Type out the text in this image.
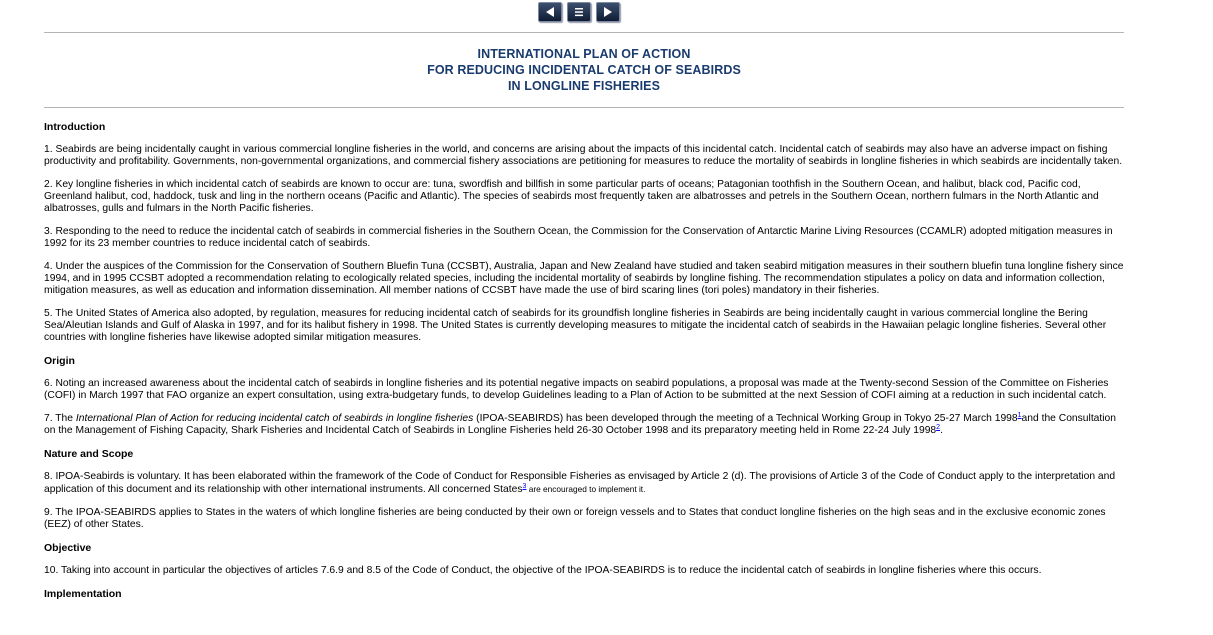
INTERNATIONAL PLAN OF ACTION
FOR REDUCING INCIDENTAL CATCH OF SEABIRDS
IN LONGLINE FISHERIES
Introduction

1. Seabirds are being incidentally caught in various commercial longline fisheries in the world, and concerns are arising about the impacts of this incidental catch. Incidental catch of seabirds may also have an adverse impact on fishing productivity and profitability. Governments, non-governmental organizations, and commercial fishery associations are petitioning for measures to reduce the mortality of seabirds in longline fisheries in which seabirds are incidentally taken.

2. Key longline fisheries in which incidental catch of seabirds are known to occur are: tuna, swordfish and billfish in some particular parts of oceans; Patagonian toothfish in the Southern Ocean, and halibut, black cod, Pacific cod, Greenland halibut, cod, haddock, tusk and ling in the northern oceans (Pacific and Atlantic). The species of seabirds most frequently taken are albatrosses and petrels in the Southern Ocean, northern fulmars in the North Atlantic and albatrosses, gulls and fulmars in the North Pacific fisheries.

3. Responding to the need to reduce the incidental catch of seabirds in commercial fisheries in the Southern Ocean, the Commission for the Conservation of Antarctic Marine Living Resources (CCAMLR) adopted mitigation measures in 1992 for its 23 member countries to reduce incidental catch of seabirds.

4. Under the auspices of the Commission for the Conservation of Southern Bluefin Tuna (CCSBT), Australia, Japan and New Zealand have studied and taken seabird mitigation measures in their southern bluefin tuna longline fishery since 1994, and in 1995 CCSBT adopted a recommendation relating to ecologically related species, including the incidental mortality of seabirds by longline fishing. The recommendation stipulates a policy on data and information collection, mitigation measures, as well as education and information dissemination. All member nations of CCSBT have made the use of bird scaring lines (tori poles) mandatory in their fisheries.

5. The United States of America also adopted, by regulation, measures for reducing incidental catch of seabirds for its groundfish longline fisheries in Seabirds are being incidentally caught in various commercial longline the Bering Sea/Aleutian Islands and Gulf of Alaska in 1997, and for its halibut fishery in 1998. The United States is currently developing measures to mitigate the incidental catch of seabirds in the Hawaiian pelagic longline fisheries. Several other countries with longline fisheries have likewise adopted similar mitigation measures.

Origin

6. Noting an increased awareness about the incidental catch of seabirds in longline fisheries and its potential negative impacts on seabird populations, a proposal was made at the Twenty-second Session of the Committee on Fisheries (COFI) in March 1997 that FAO organize an expert consultation, using extra-budgetary funds, to develop Guidelines leading to a Plan of Action to be submitted at the next Session of COFI aiming at a reduction in such incidental catch.

7. The International Plan of Action for reducing incidental catch of seabirds in longline fisheries (IPOA-SEABIRDS) has been developed through the meeting of a Technical Working Group in Tokyo 25-27 March 1998$^1$and the Consultation on the Management of Fishing Capacity, Shark Fisheries and Incidental Catch of Seabirds in Longline Fisheries held 26-30 October 1998 and its preparatory meeting held in Rome 22-24 July 1998$^2$.

Nature and Scope

8. IPOA-Seabirds is voluntary. It has been elaborated within the framework of the Code of Conduct for Responsible Fisheries as envisaged by Article 2 (d). The provisions of Article 3 of the Code of Conduct apply to the interpretation and application of this document and its relationship with other international instruments. All concerned States$^3$ are encouraged to implement it.

9. The IPOA-SEABIRDS applies to States in the waters of which longline fisheries are being conducted by their own or foreign vessels and to States that conduct longline fisheries on the high seas and in the exclusive economic zones (EEZ) of other States.

Objective

10. Taking into account in particular the objectives of articles 7.6.9 and 8.5 of the Code of Conduct, the objective of the IPOA-SEABIRDS is to reduce the incidental catch of seabirds in longline fisheries where this occurs.

Implementation
